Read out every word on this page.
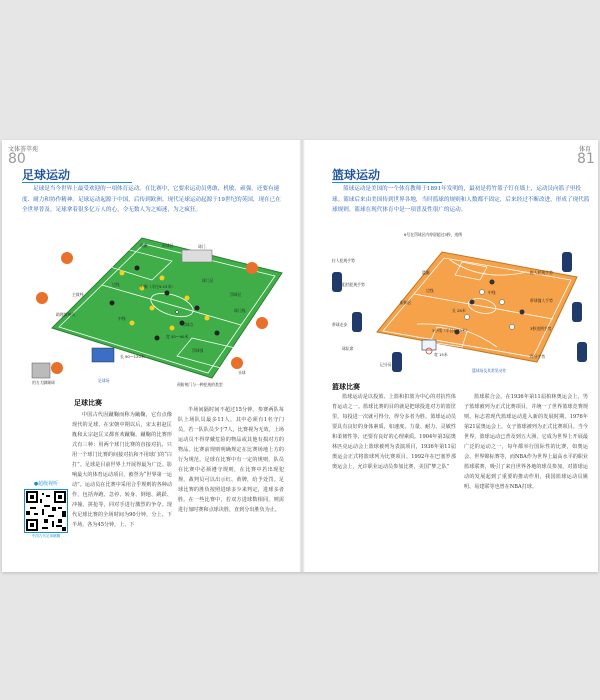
文体荟萃苑
80
足球运动
足球是当今世界上最受欢迎的一项体育运动。在比赛中，它要求运动员勇敢、机敏、顽强，还要有速度、耐力和协作精神。足球运动起源于中国，后传到欧洲。现代足球运动起源于19世纪的英国，现在已在全世界普及。足球拿着很多亿万人的心，令无数人为之痴迷，为之疯狂。
角旗	角球区	球门
边线	中圈（半径9.15米）
球门区
罚球区
主裁判
中线
球门线
罚球点
宽 45～90米
助理裁判员
罚球弧
长 90～120米
头球
用力大脚踢球	足球场
预防射门与一种犯规的类型
足球比赛
中国古代因蹴鞠而称为蹴鞠，它有点像现代的足球。在宋朝中期以后，宋太祖赵匡胤和太宗赵匡义都喜欢蹴鞠。蹴鞠的比赛形式有三种：用两个球门比赛的直接对抗、只用一个球门比赛的间接对抗和不用球门的“白打”。足球是目前世界上开展得最为广泛、影响最大的体育运动项目，被誉为“世界第一运动”。运动员在比赛中采用合乎规则的各种动作，包括奔跑、急停、转身、倒地、跳跃、冲撞、拼抢等，同对手进行激烈的争夺。现代足球比赛的全场时间为90分钟，分上、下半场，各为45分钟，上、下
半场间隔时间不超过15分钟。参赛两队每队上场队员最多11人，其中必须有1名守门员，若一队队员少于7人，比赛视为无效。上场运动员不得穿戴危险的物品或其他有损对方的物品。比赛前规则明确规定在比赛场地上方的行为规范。足球在比赛中有一定的规则，队员在比赛中必须遵守规则，在比赛中若出现犯规，裁判员可以出示红、黄牌，给予处罚。足球比赛的胜负按照进球多少来判定，进球多者胜。在一些比赛中，若双方进球数相同，则需进行加时赛和点球决胜，直到分出胜负为止。
●超级视听
中国古代足球蹴鞠
体育
81
篮球运动
篮球运动是美国的一个体育教师于1891年发明的，最初是将竹篮子钉在墙上，运动员向篮子里投球。篮球后来由美国传到世界各地，当时篮球的规则和人数都不固定，后来经过不断改进，形成了现代篮球规则。篮球在现代体育中是一项普及性很广的运动。
6号在罚球区内停留超过3秒，违例
拉人犯规手势
篮圈	推人犯规手势
阻挡犯规手势
边线	中线
带球撞人手势
限制区
长 28米
带球走步
3分线（半径6.75米）	3秒违例手势
球队席
宽 15米
记分员
得分手势
篮球场及其常见动作
篮球比赛
篮球运动是以投篮、上篮和扣篮为中心的对抗性体育运动之一。篮球比赛的目的就是把球投进对方的篮筐里，每投进一次就可得分，得分多者为胜。篮球运动员要具有良好的身体素质，如速度、力量、耐力、灵敏性和柔韧性等，还要有良好的心理素质。1904年第3届奥林匹克运动会上篮球被列为表演项目，1936年第11届奥运会正式将篮球列为比赛项目。1992年在巴塞罗那奥运会上，允许职业运动员参加比赛，美国“梦之队”
篮球联合会。在1936年第11届柏林奥运会上，男子篮球被列为正式比赛项目，并统一了世界篮球竞赛规则，标志着现代篮球运动进入新的发展时期。1976年第21届奥运会上，女子篮球被列为正式比赛项目。当今世界，篮球运动已普及到五大洲，它成为世界上开展最广泛的运动之一，每年都举行国际性的比赛，如奥运会、世界锦标赛等，而NBA作为世界上最高水平的职业篮球联赛，吸引了来自世界各地的球员参加，对篮球运动的发展起到了重要的推动作用，我国篮球运动员姚明、易建联等也曾在NBA打球。
